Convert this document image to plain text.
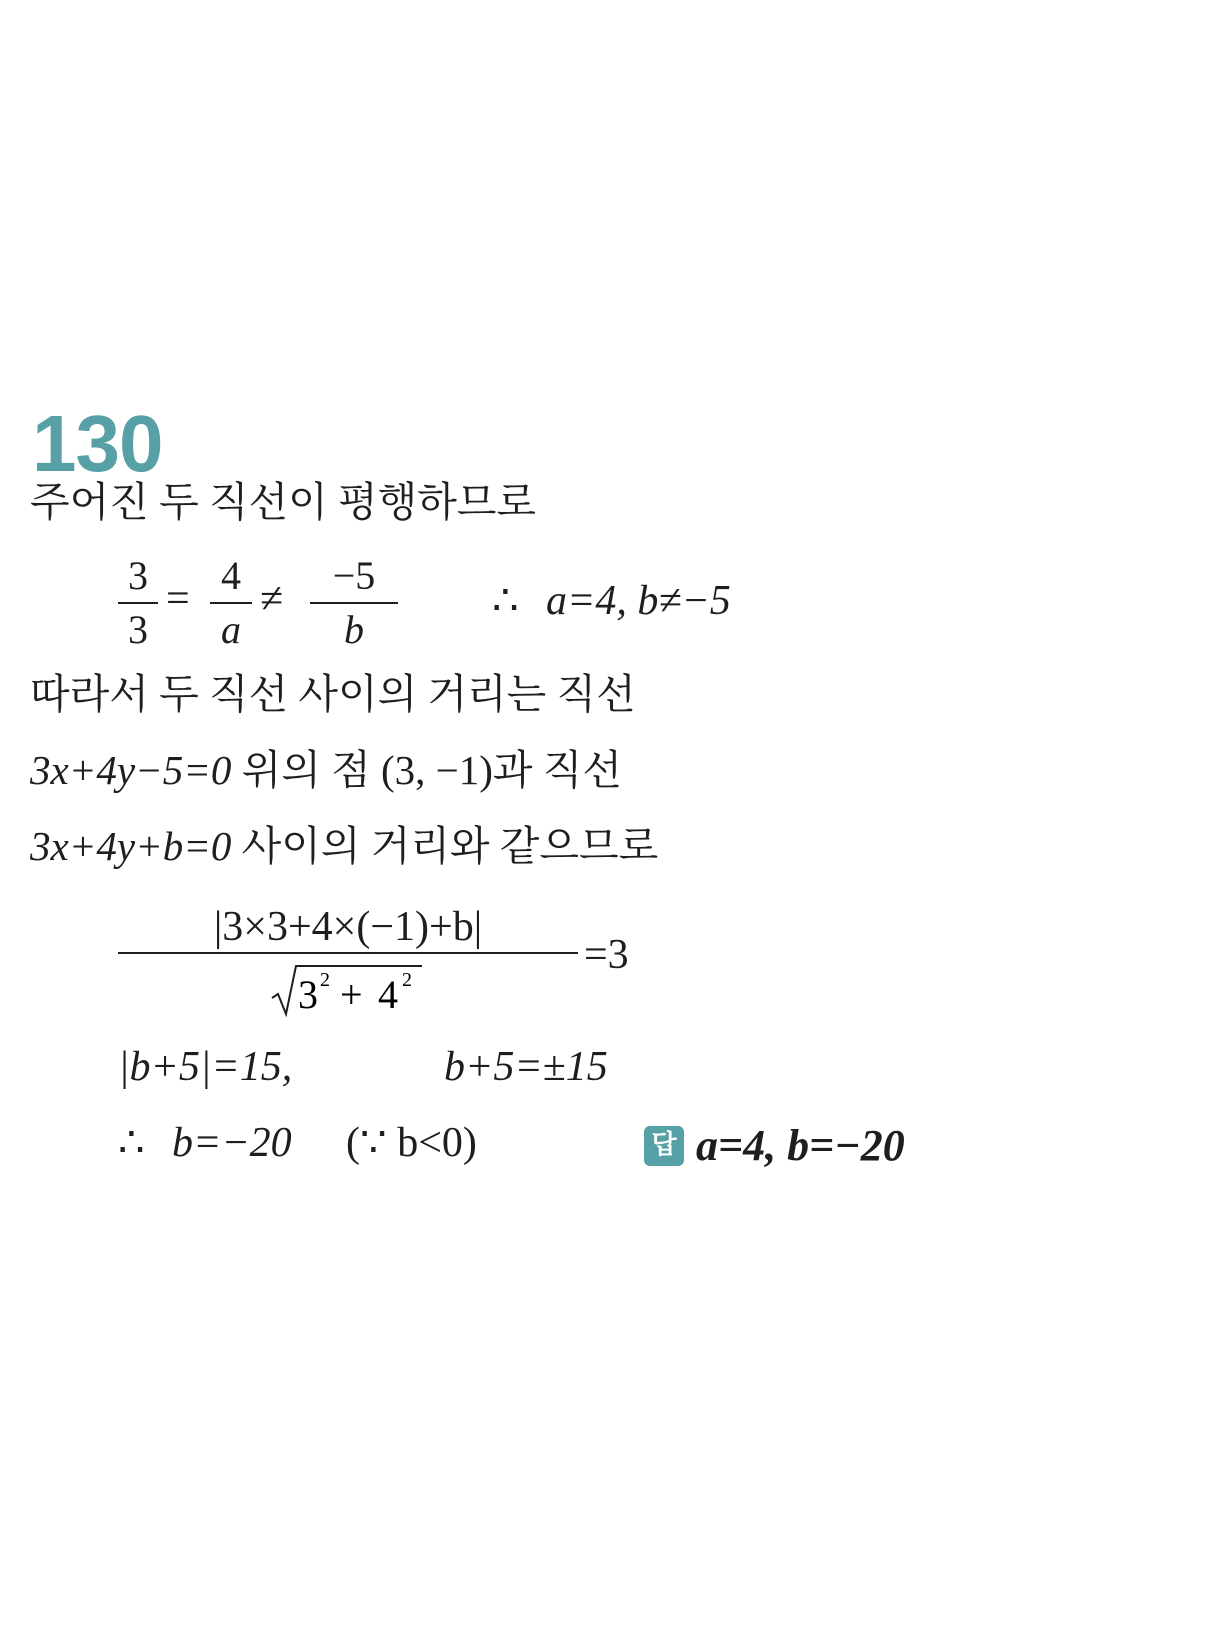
130
주어진 두 직선이 평행하므로
3
3
=
4
a
≠
−5
b
∴ a=4, b≠−5
따라서 두 직선 사이의 거리는 직선
3x+4y−5=0 위의 점 (3, −1)과 직선
3x+4y+b=0 사이의 거리와 같으므로
|3×3+4×(−1)+b|
3 2 + 4 2
=3
|b+5|=15,	b+5=±15
∴ b=−20 (∵ b<0)	답 a=4, b=−20
